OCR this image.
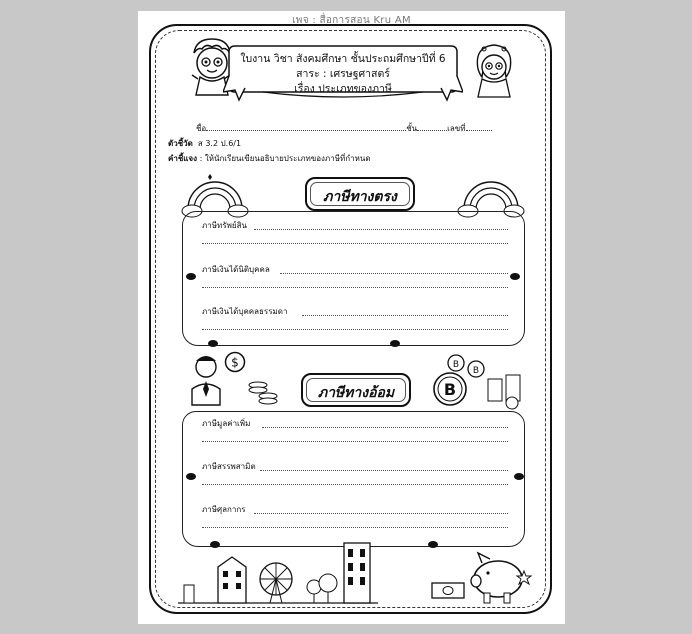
เพจ : สื่อการสอน Kru AM
ใบงาน วิชา สังคมศึกษา ชั้นประถมศึกษาปีที่ 6
สาระ : เศรษฐศาสตร์
เรื่อง ประเภทของภาษี
ชื่อ	ชั้น	เลขที่
ตัวชี้วัด ส 3.2 ป.6/1
คำชี้แจง : ให้นักเรียนเขียนอธิบายประเภทของภาษีที่กำหนด
ภาษีทางตรง
ภาษีทรัพย์สิน
ภาษีเงินได้นิติบุคคล
ภาษีเงินได้บุคคลธรรมดา
$
ภาษีทางอ้อม	B
B
B
ภาษีมูลค่าเพิ่ม
ภาษีสรรพสามิต
ภาษีศุลกากร
